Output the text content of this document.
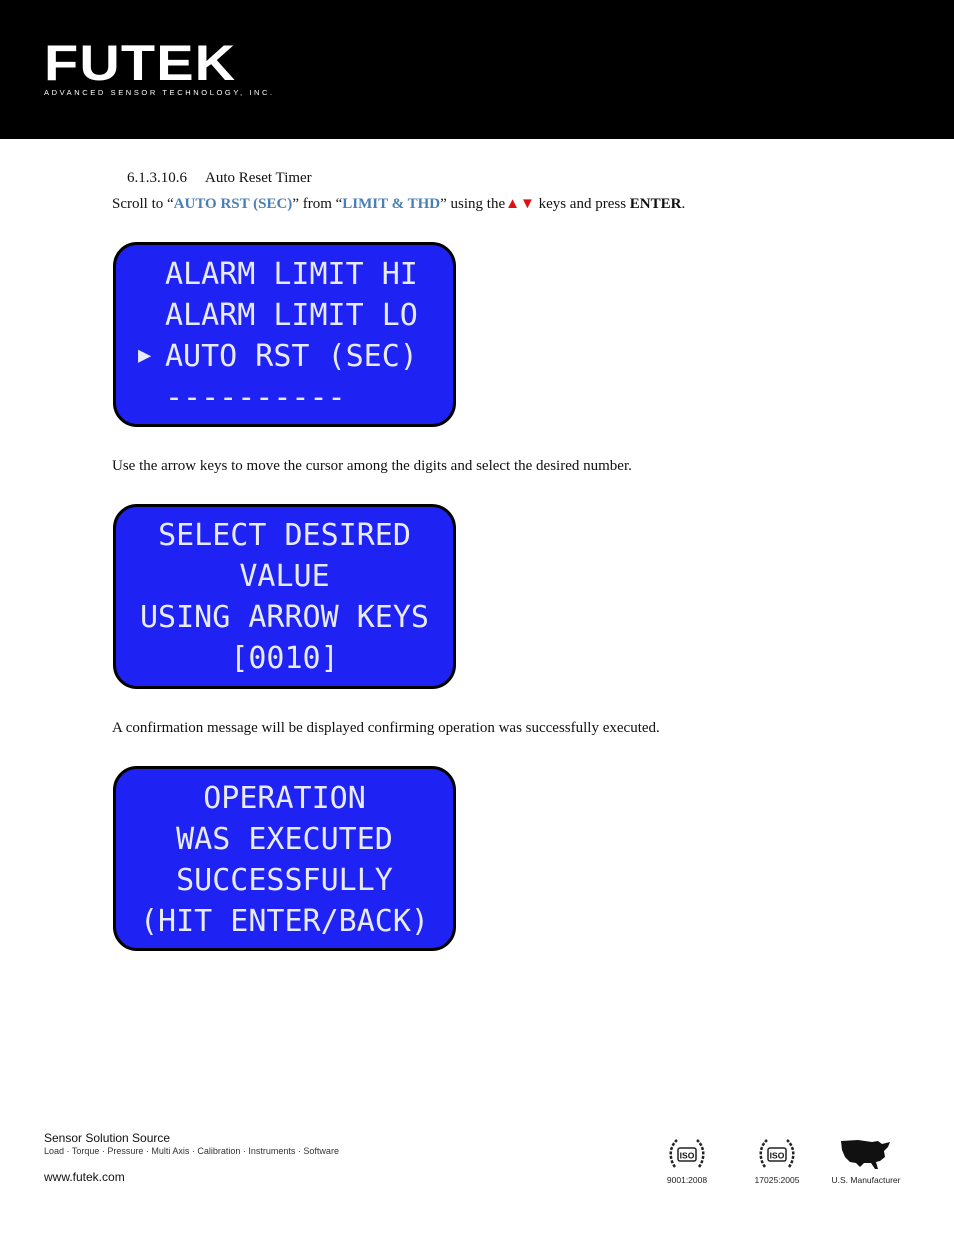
FUTEK
ADVANCED SENSOR TECHNOLOGY, INC.
6.1.3.10.6 Auto Reset Timer
Scroll to “AUTO RST (SEC)” from “LIMIT & THD” using the▲▼ keys and press ENTER.
ALARM LIMIT HI
ALARM LIMIT LO
▶ AUTO RST (SEC)
----------
Use the arrow keys to move the cursor among the digits and select the desired number.
SELECT DESIRED
VALUE
USING ARROW KEYS
[0010]
A confirmation message will be displayed confirming operation was successfully executed.
OPERATION
WAS EXECUTED
SUCCESSFULLY
(HIT ENTER/BACK)
Sensor Solution Source
Load · Torque · Pressure · Multi Axis · Calibration · Instruments · Software
www.futek.com
ISO
9001:2008
ISO
17025:2005	U.S. Manufacturer
